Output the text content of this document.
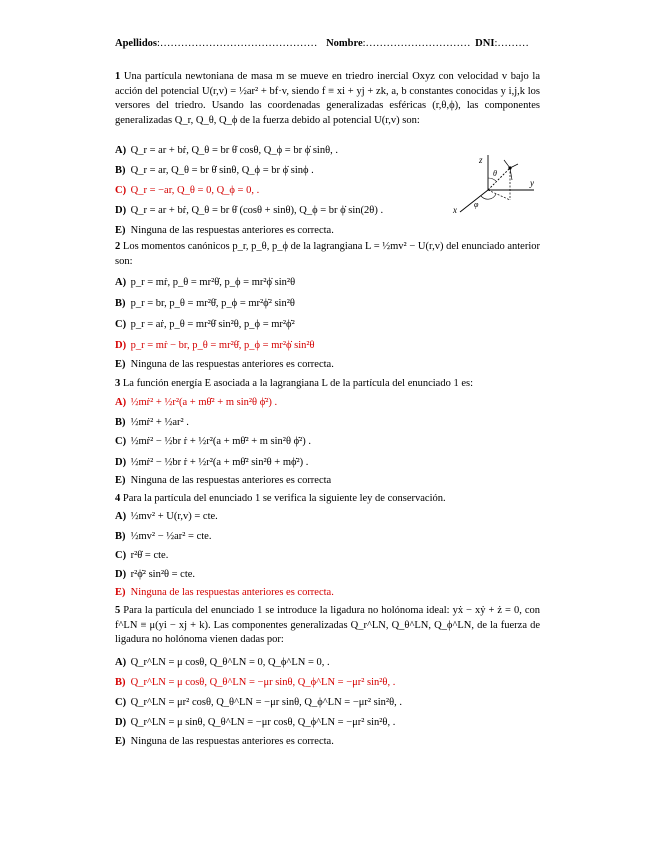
Apellidos:……………………………………… Nombre:………………………… DNI:………
1 Una partícula newtoniana de masa m se mueve en triedro inercial Oxyz con velocidad v bajo la acción del potencial U(r,v) = ½ar² + bf·v, siendo f ≡ xi + yj + zk, a, b constantes conocidas y i,j,k los versores del triedro. Usando las coordenadas generalizadas esféricas (r,θ,ϕ), las componentes generalizadas Q_r, Q_θ, Q_ϕ de la fuerza debido al potencial U(r,v) son:
A) Q_r = ar + bṙ, Q_θ = br θ̇ cosθ, Q_ϕ = br ϕ̇ sinθ, .
B) Q_r = ar, Q_θ = br θ̇ sinθ, Q_ϕ = br ϕ̇ sinϕ .
C) Q_r = −ar, Q_θ = 0, Q_ϕ = 0, .
D) Q_r = ar + bṙ, Q_θ = br θ̇ (cosθ + sinθ), Q_ϕ = br ϕ̇ sin(2θ) .
E) Ninguna de las respuestas anteriores es correcta.
z
y
x
θ
φ
2 Los momentos canónicos p_r, p_θ, p_ϕ de la lagrangiana L = ½mv² − U(r,v) del enunciado anterior son:
A) p_r = mṙ, p_θ = mr²θ̇, p_ϕ = mr²ϕ̇ sin²θ
B) p_r = br, p_θ = mr²θ̇, p_ϕ = mr²ϕ̇² sin²θ
C) p_r = aṙ, p_θ = mr²θ̇ sin²θ, p_ϕ = mr²ϕ̇²
D) p_r = mṙ − br, p_θ = mr²θ̇, p_ϕ = mr²ϕ̇ sin²θ
E) Ninguna de las respuestas anteriores es correcta.
3 La función energía E asociada a la lagrangiana L de la partícula del enunciado 1 es:
A) ½mṙ² + ½r²(a + mθ̇² + m sin²θ ϕ̇²) .
B) ½mṙ² + ½ar² .
C) ½mṙ² − ½br ṙ + ½r²(a + mθ̇² + m sin²θ ϕ̇²) .
D) ½mṙ² − ½br ṙ + ½r²(a + mθ̇² sin²θ + mϕ̇²) .
E) Ninguna de las respuestas anteriores es correcta
4 Para la partícula del enunciado 1 se verifica la siguiente ley de conservación.
A) ½mv² + U(r,v) = cte.
B) ½mv² − ½ar² = cte.
C) r²θ̇ = cte.
D) r²ϕ̇² sin²θ = cte.
E) Ninguna de las respuestas anteriores es correcta.
5 Para la partícula del enunciado 1 se introduce la ligadura no holónoma ideal: yẋ − xẏ + ż = 0, con f^LN ≡ μ(yi − xj + k). Las componentes generalizadas Q_r^LN, Q_θ^LN, Q_ϕ^LN, de la fuerza de ligadura no holónoma vienen dadas por:
A) Q_r^LN = μ cosθ, Q_θ^LN = 0, Q_ϕ^LN = 0, .
B) Q_r^LN = μ cosθ, Q_θ^LN = −μr sinθ, Q_ϕ^LN = −μr² sin²θ, .
C) Q_r^LN = μr² cosθ, Q_θ^LN = −μr sinθ, Q_ϕ^LN = −μr² sin²θ, .
D) Q_r^LN = μ sinθ, Q_θ^LN = −μr cosθ, Q_ϕ^LN = −μr² sin²θ, .
E) Ninguna de las respuestas anteriores es correcta.
